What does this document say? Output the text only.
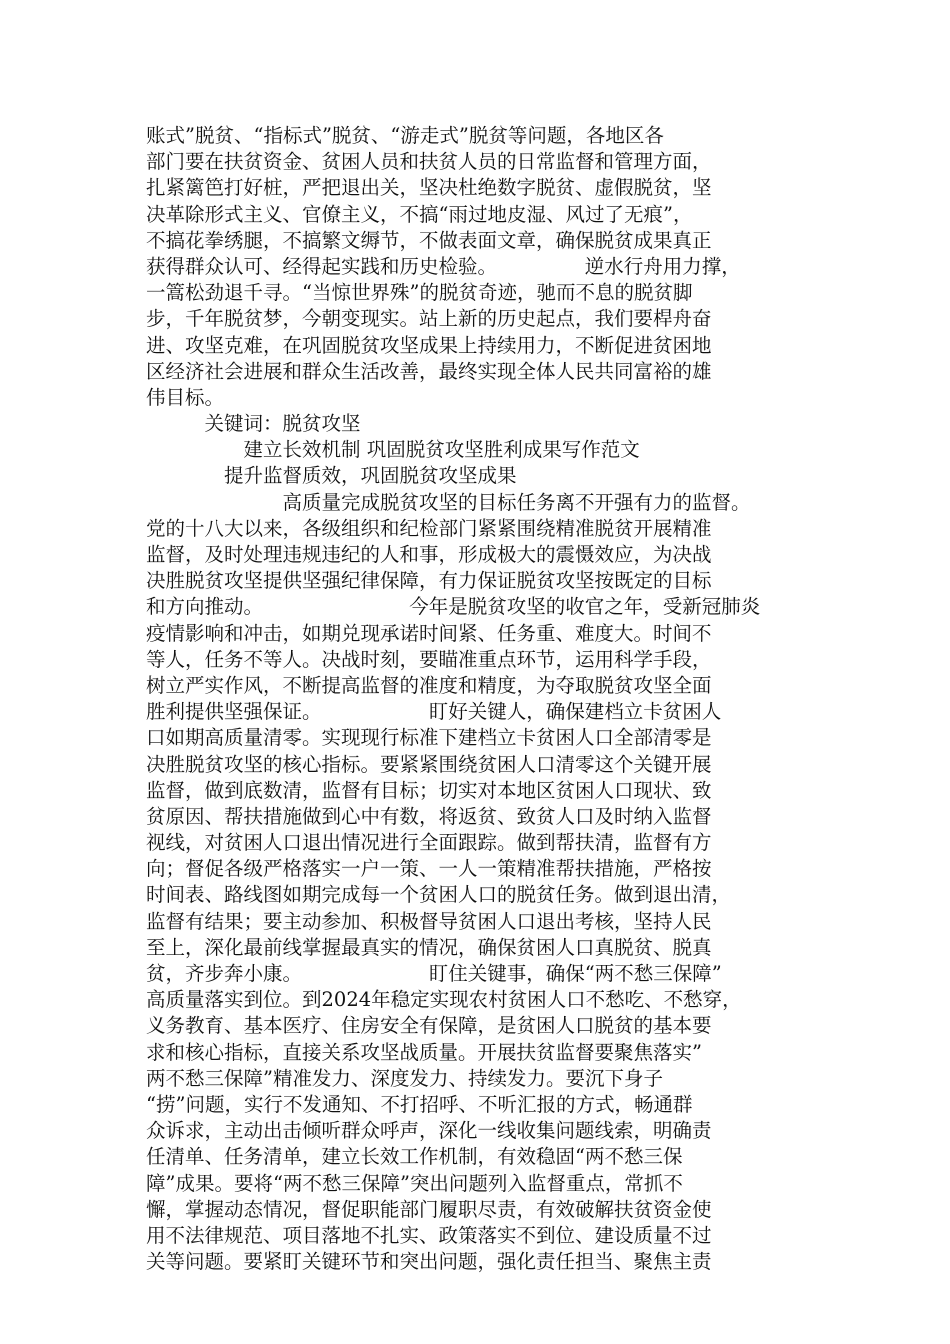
账式”脱贫、“指标式”脱贫、“游走式”脱贫等问题，各地区各
部门要在扶贫资金、贫困人员和扶贫人员的日常监督和管理方面，
扎紧篱笆打好桩，严把退出关，坚决杜绝数字脱贫、虚假脱贫，坚
决革除形式主义、官僚主义，不搞“雨过地皮湿、风过了无痕”，
不搞花拳绣腿，不搞繁文缛节，不做表面文章，确保脱贫成果真正
获得群众认可、经得起实践和历史检验。　　　　　逆水行舟用力撑，
一篙松劲退千寻。“当惊世界殊”的脱贫奇迹，驰而不息的脱贫脚
步，千年脱贫梦，今朝变现实。站上新的历史起点，我们要桿舟奋
进、攻坚克难，在巩固脱贫攻坚成果上持续用力，不断促进贫困地
区经济社会进展和群众生活改善，最终实现全体人民共同富裕的雄
伟目标。
　　　关键词：脱贫攻坚
　　　　　建立长效机制 巩固脱贫攻坚胜利成果写作范文
　　　　提升监督质效，巩固脱贫攻坚成果
　　　　　　　高质量完成脱贫攻坚的目标任务离不开强有力的监督。
党的十八大以来，各级组织和纪检部门紧紧围绕精准脱贫开展精准
监督，及时处理违规违纪的人和事，形成极大的震慑效应，为决战
决胜脱贫攻坚提供坚强纪律保障，有力保证脱贫攻坚按既定的目标
和方向推动。　　　　　　　　今年是脱贫攻坚的收官之年，受新冠肺炎
疫情影响和冲击，如期兑现承诺时间紧、任务重、难度大。时间不
等人，任务不等人。决战时刻，要瞄准重点环节，运用科学手段，
树立严实作风，不断提高监督的准度和精度，为夺取脱贫攻坚全面
胜利提供坚强保证。　　　　　　盯好关键人，确保建档立卡贫困人
口如期高质量清零。实现现行标准下建档立卡贫困人口全部清零是
决胜脱贫攻坚的核心指标。要紧紧围绕贫困人口清零这个关键开展
监督，做到底数清，监督有目标；切实对本地区贫困人口现状、致
贫原因、帮扶措施做到心中有数，将返贫、致贫人口及时纳入监督
视线，对贫困人口退出情况进行全面跟踪。做到帮扶清，监督有方
向；督促各级严格落实一户一策、一人一策精准帮扶措施，严格按
时间表、路线图如期完成每一个贫困人口的脱贫任务。做到退出清，
监督有结果；要主动参加、积极督导贫困人口退出考核，坚持人民
至上，深化最前线掌握最真实的情况，确保贫困人口真脱贫、脱真
贫，齐步奔小康。　　　　　　　盯住关键事，确保“两不愁三保障”
高质量落实到位。到2024年稳定实现农村贫困人口不愁吃、不愁穿，
义务教育、基本医疗、住房安全有保障，是贫困人口脱贫的基本要
求和核心指标，直接关系攻坚战质量。开展扶贫监督要聚焦落实”
两不愁三保障”精准发力、深度发力、持续发力。要沉下身子
“捞”问题，实行不发通知、不打招呼、不听汇报的方式，畅通群
众诉求，主动出击倾听群众呼声，深化一线收集问题线索，明确责
任清单、任务清单，建立长效工作机制，有效稳固“两不愁三保
障”成果。要将“两不愁三保障”突出问题列入监督重点，常抓不
懈，掌握动态情况，督促职能部门履职尽责，有效破解扶贫资金使
用不法律规范、项目落地不扎实、政策落实不到位、建设质量不过
关等问题。要紧盯关键环节和突出问题，强化责任担当、聚焦主责
